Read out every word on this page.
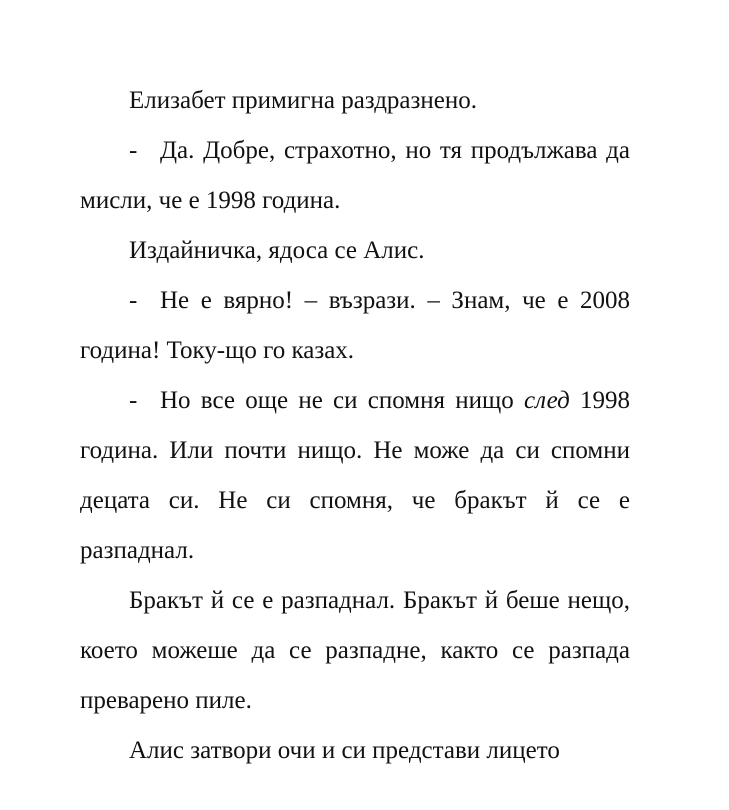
Елизабет примигна раздразнено.

- Да. Добре, страхотно, но тя продължава да мисли, че е 1998 година.

Издайничка, ядоса се Алис.

- Не е вярно! – възрази. – Знам, че е 2008 година! Току-що го казах.

- Но все още не си спомня нищо след 1998 година. Или почти нищо. Не може да си спомни децата си. Не си спомня, че бракът й се е разпаднал.

Бракът й се е разпаднал. Бракът й беше нещо, което можеше да се разпадне, както се разпада преварено пиле.

Алис затвори очи и си представи лицето
